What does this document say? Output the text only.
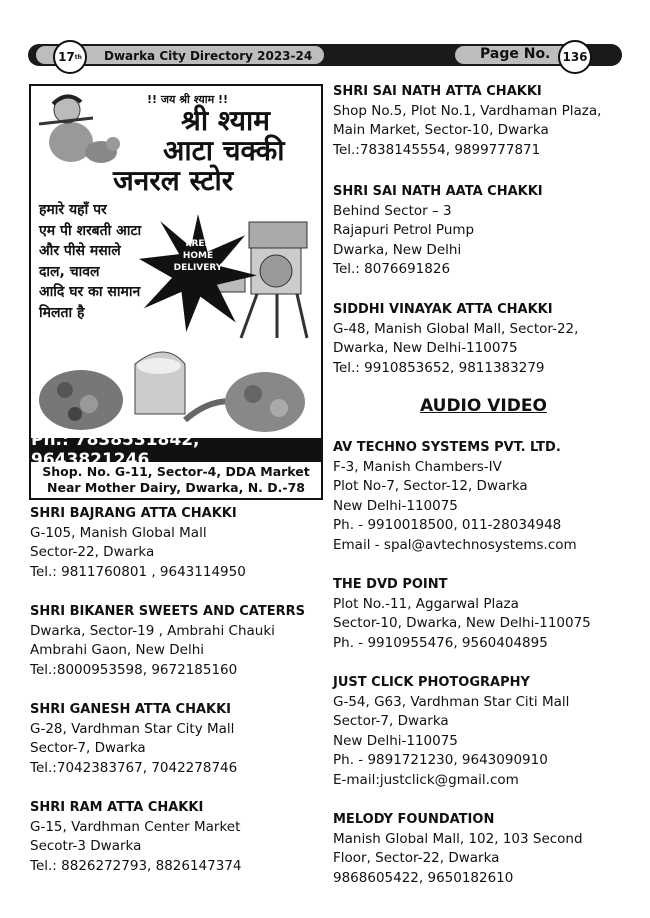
17 th Dwarka City Directory 2023-24	Page No. 136
!! जय श्री श्याम !!
श्री श्याम
आटा चक्की
जनरल स्टोर
हमारे यहाँ पर
एम पी शरबती आटा
और पीसे मसाले
दाल, चावल
आदि घर का सामान
मिलता है
FREE
HOME
DELIVERY
Ph.: 7838531842, 9643821246
Shop. No. G-11, Sector-4, DDA Market
Near Mother Dairy, Dwarka, N. D.-78
SHRI BAJRANG ATTA CHAKKI
G-105, Manish Global Mall
Sector-22, Dwarka
Tel.: 9811760801 , 9643114950
SHRI BIKANER SWEETS AND CATERRS
Dwarka, Sector-19 , Ambrahi Chauki
Ambrahi Gaon, New Delhi
Tel.:8000953598, 9672185160
SHRI GANESH ATTA CHAKKI
G-28, Vardhman Star City Mall
Sector-7, Dwarka
Tel.:7042383767, 7042278746
SHRI RAM ATTA CHAKKI
G-15, Vardhman Center Market
Secotr-3 Dwarka
Tel.: 8826272793, 8826147374
SHRI SAI NATH ATTA CHAKKI
Shop No.5, Plot No.1, Vardhaman Plaza,
Main Market, Sector-10, Dwarka
Tel.:7838145554, 9899777871
SHRI SAI NATH AATA CHAKKI
Behind Sector – 3
Rajapuri Petrol Pump
Dwarka, New Delhi
Tel.: 8076691826
SIDDHI VINAYAK ATTA CHAKKI
G-48, Manish Global Mall, Sector-22,
Dwarka, New Delhi-110075
Tel.: 9910853652, 9811383279
AUDIO VIDEO
AV TECHNO SYSTEMS PVT. LTD.
F-3, Manish Chambers-IV
Plot No-7, Sector-12, Dwarka
New Delhi-110075
Ph. - 9910018500, 011-28034948
Email - spal@avtechnosystems.com
THE DVD POINT
Plot No.-11, Aggarwal Plaza
Sector-10, Dwarka, New Delhi-110075
Ph. - 9910955476, 9560404895
JUST CLICK PHOTOGRAPHY
G-54, G63, Vardhman Star Citi Mall
Sector-7, Dwarka
New Delhi-110075
Ph. - 9891721230, 9643090910
E-mail:justclick@gmail.com
MELODY FOUNDATION
Manish Global Mall, 102, 103 Second
Floor, Sector-22, Dwarka
9868605422, 9650182610
